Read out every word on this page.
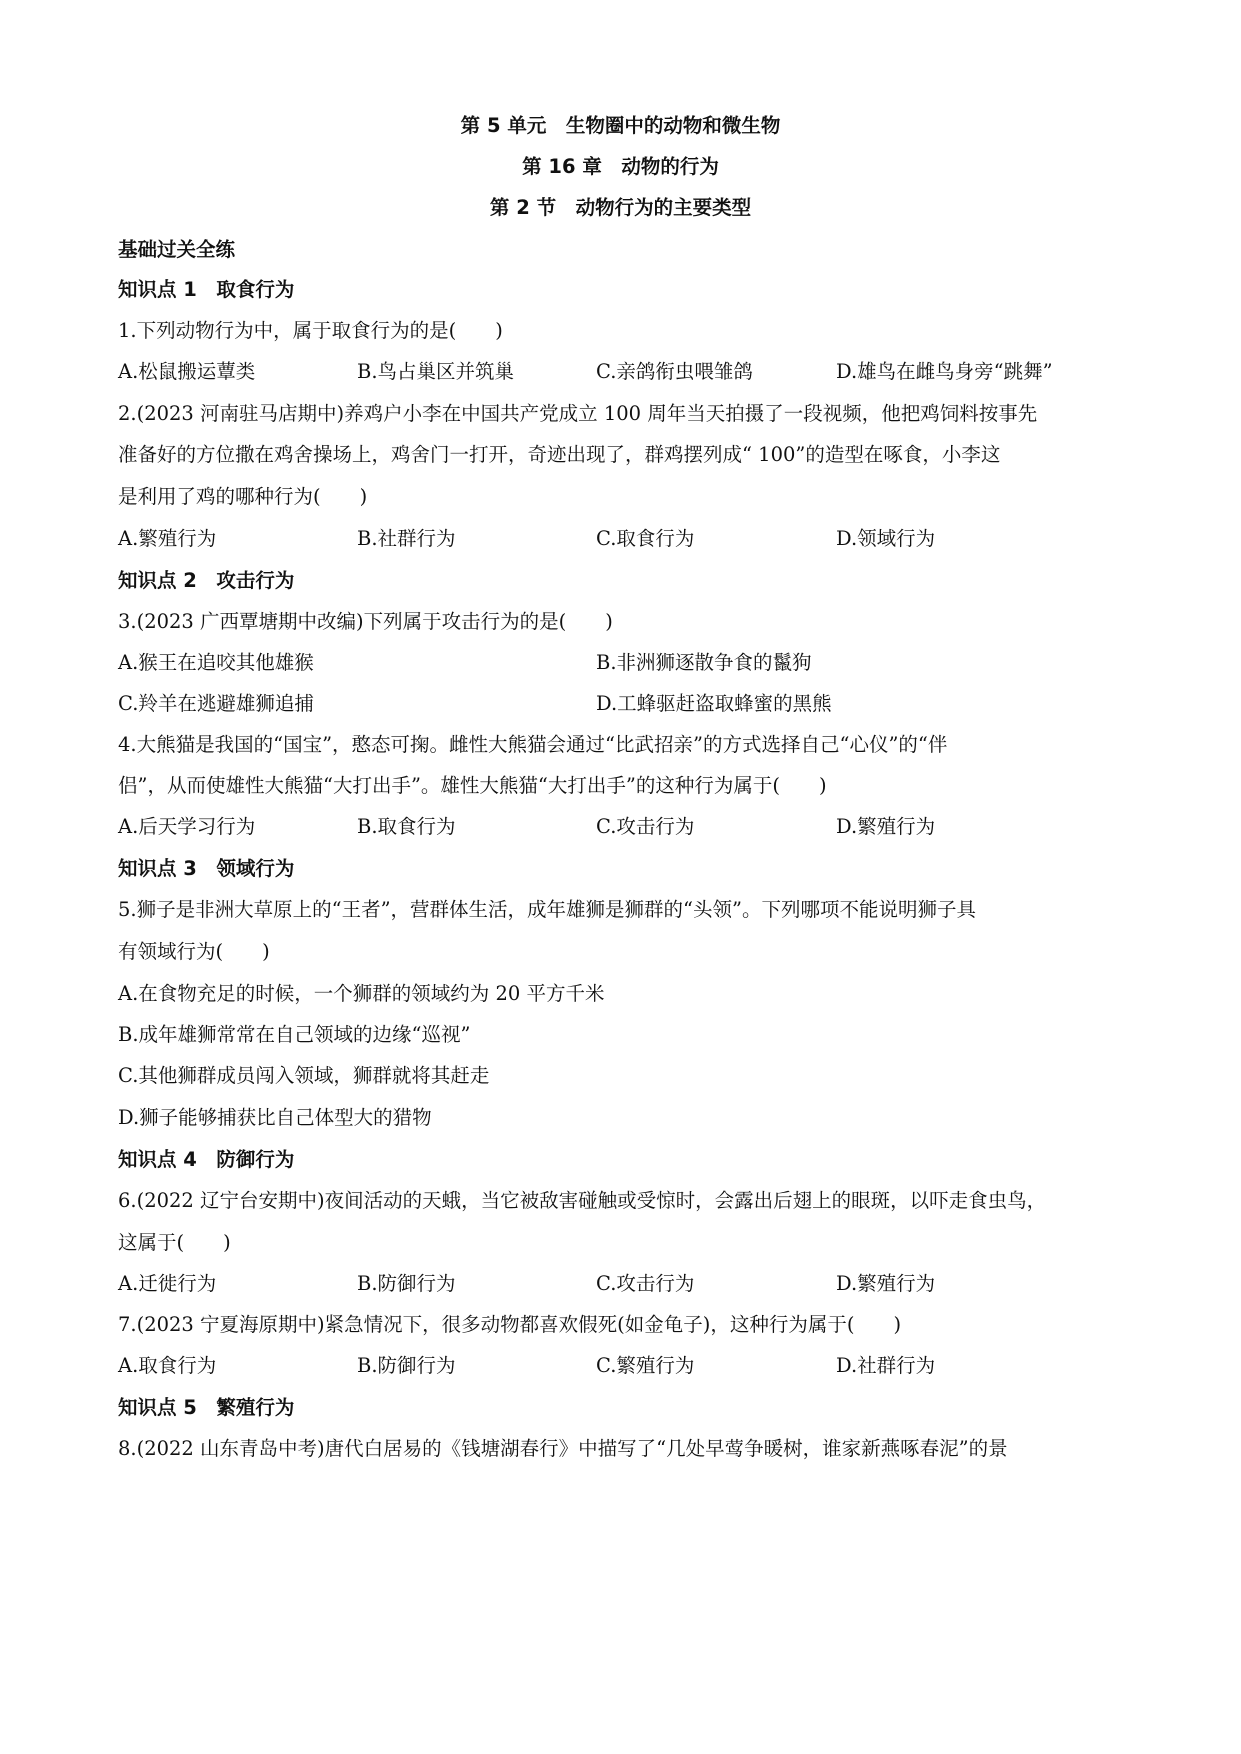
第 5 单元　生物圈中的动物和微生物
第 16 章　动物的行为
第 2 节　动物行为的主要类型
基础过关全练
知识点 1　取食行为
1.下列动物行为中，属于取食行为的是(　　)
A.松鼠搬运蕈类	B.鸟占巢区并筑巢	C.亲鸽衔虫喂雏鸽	D.雄鸟在雌鸟身旁“跳舞”
2.(2023 河南驻马店期中)养鸡户小李在中国共产党成立 100 周年当天拍摄了一段视频，他把鸡饲料按事先
准备好的方位撒在鸡舍操场上，鸡舍门一打开，奇迹出现了，群鸡摆列成“ 100”的造型在啄食，小李这
是利用了鸡的哪种行为(　　)
A.繁殖行为	B.社群行为	C.取食行为	D.领域行为
知识点 2　攻击行为
3.(2023 广西覃塘期中改编)下列属于攻击行为的是(　　)
A.猴王在追咬其他雄猴	B.非洲狮逐散争食的鬣狗
C.羚羊在逃避雄狮追捕	D.工蜂驱赶盗取蜂蜜的黑熊
4.大熊猫是我国的“国宝”，憨态可掬。雌性大熊猫会通过“比武招亲”的方式选择自己“心仪”的“伴
侣”，从而使雄性大熊猫“大打出手”。雄性大熊猫“大打出手”的这种行为属于(　　)
A.后天学习行为	B.取食行为	C.攻击行为	D.繁殖行为
知识点 3　领域行为
5.狮子是非洲大草原上的“王者”，营群体生活，成年雄狮是狮群的“头领”。下列哪项不能说明狮子具
有领域行为(　　)
A.在食物充足的时候，一个狮群的领域约为 20 平方千米
B.成年雄狮常常在自己领域的边缘“巡视”
C.其他狮群成员闯入领域，狮群就将其赶走
D.狮子能够捕获比自己体型大的猎物
知识点 4　防御行为
6.(2022 辽宁台安期中)夜间活动的天蛾，当它被敌害碰触或受惊时，会露出后翅上的眼斑，以吓走食虫鸟，
这属于(　　)
A.迁徙行为	B.防御行为	C.攻击行为	D.繁殖行为
7.(2023 宁夏海原期中)紧急情况下，很多动物都喜欢假死(如金龟子)，这种行为属于(　　)
A.取食行为	B.防御行为	C.繁殖行为	D.社群行为
知识点 5　繁殖行为
8.(2022 山东青岛中考)唐代白居易的《钱塘湖春行》中描写了“几处早莺争暖树，谁家新燕啄春泥”的景
